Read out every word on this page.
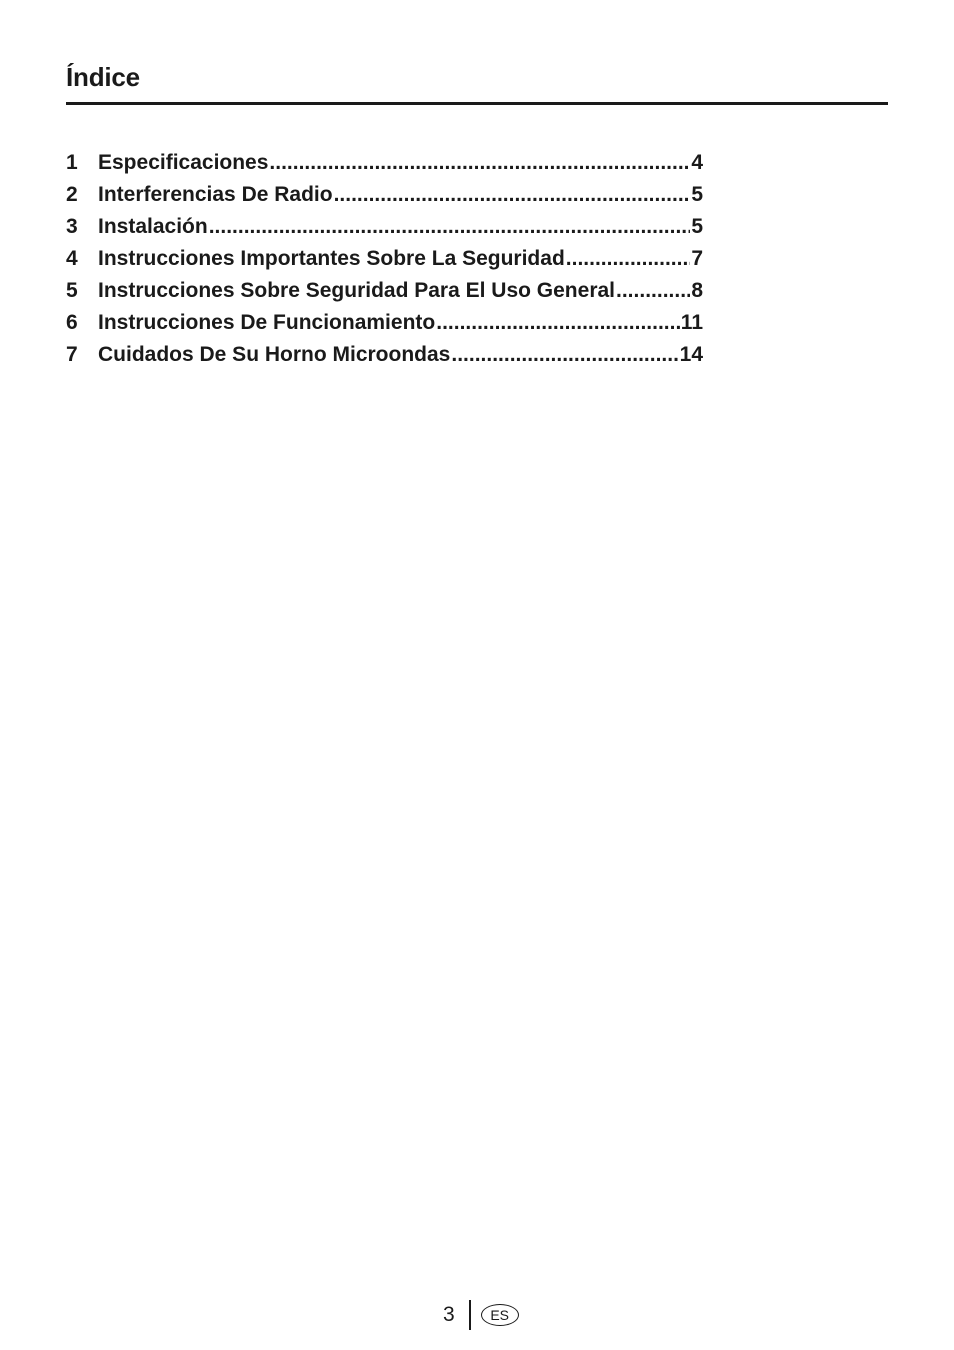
Índice
1 Especificaciones .....	4
2 Interferencias De Radio .....	5
3 Instalación .....	5
4 Instrucciones Importantes Sobre La Seguridad .....	7
5 Instrucciones Sobre Seguridad Para El Uso General .....	8
6 Instrucciones De Funcionamiento .....	11
7 Cuidados De Su Horno Microondas .....	14
3	ES
